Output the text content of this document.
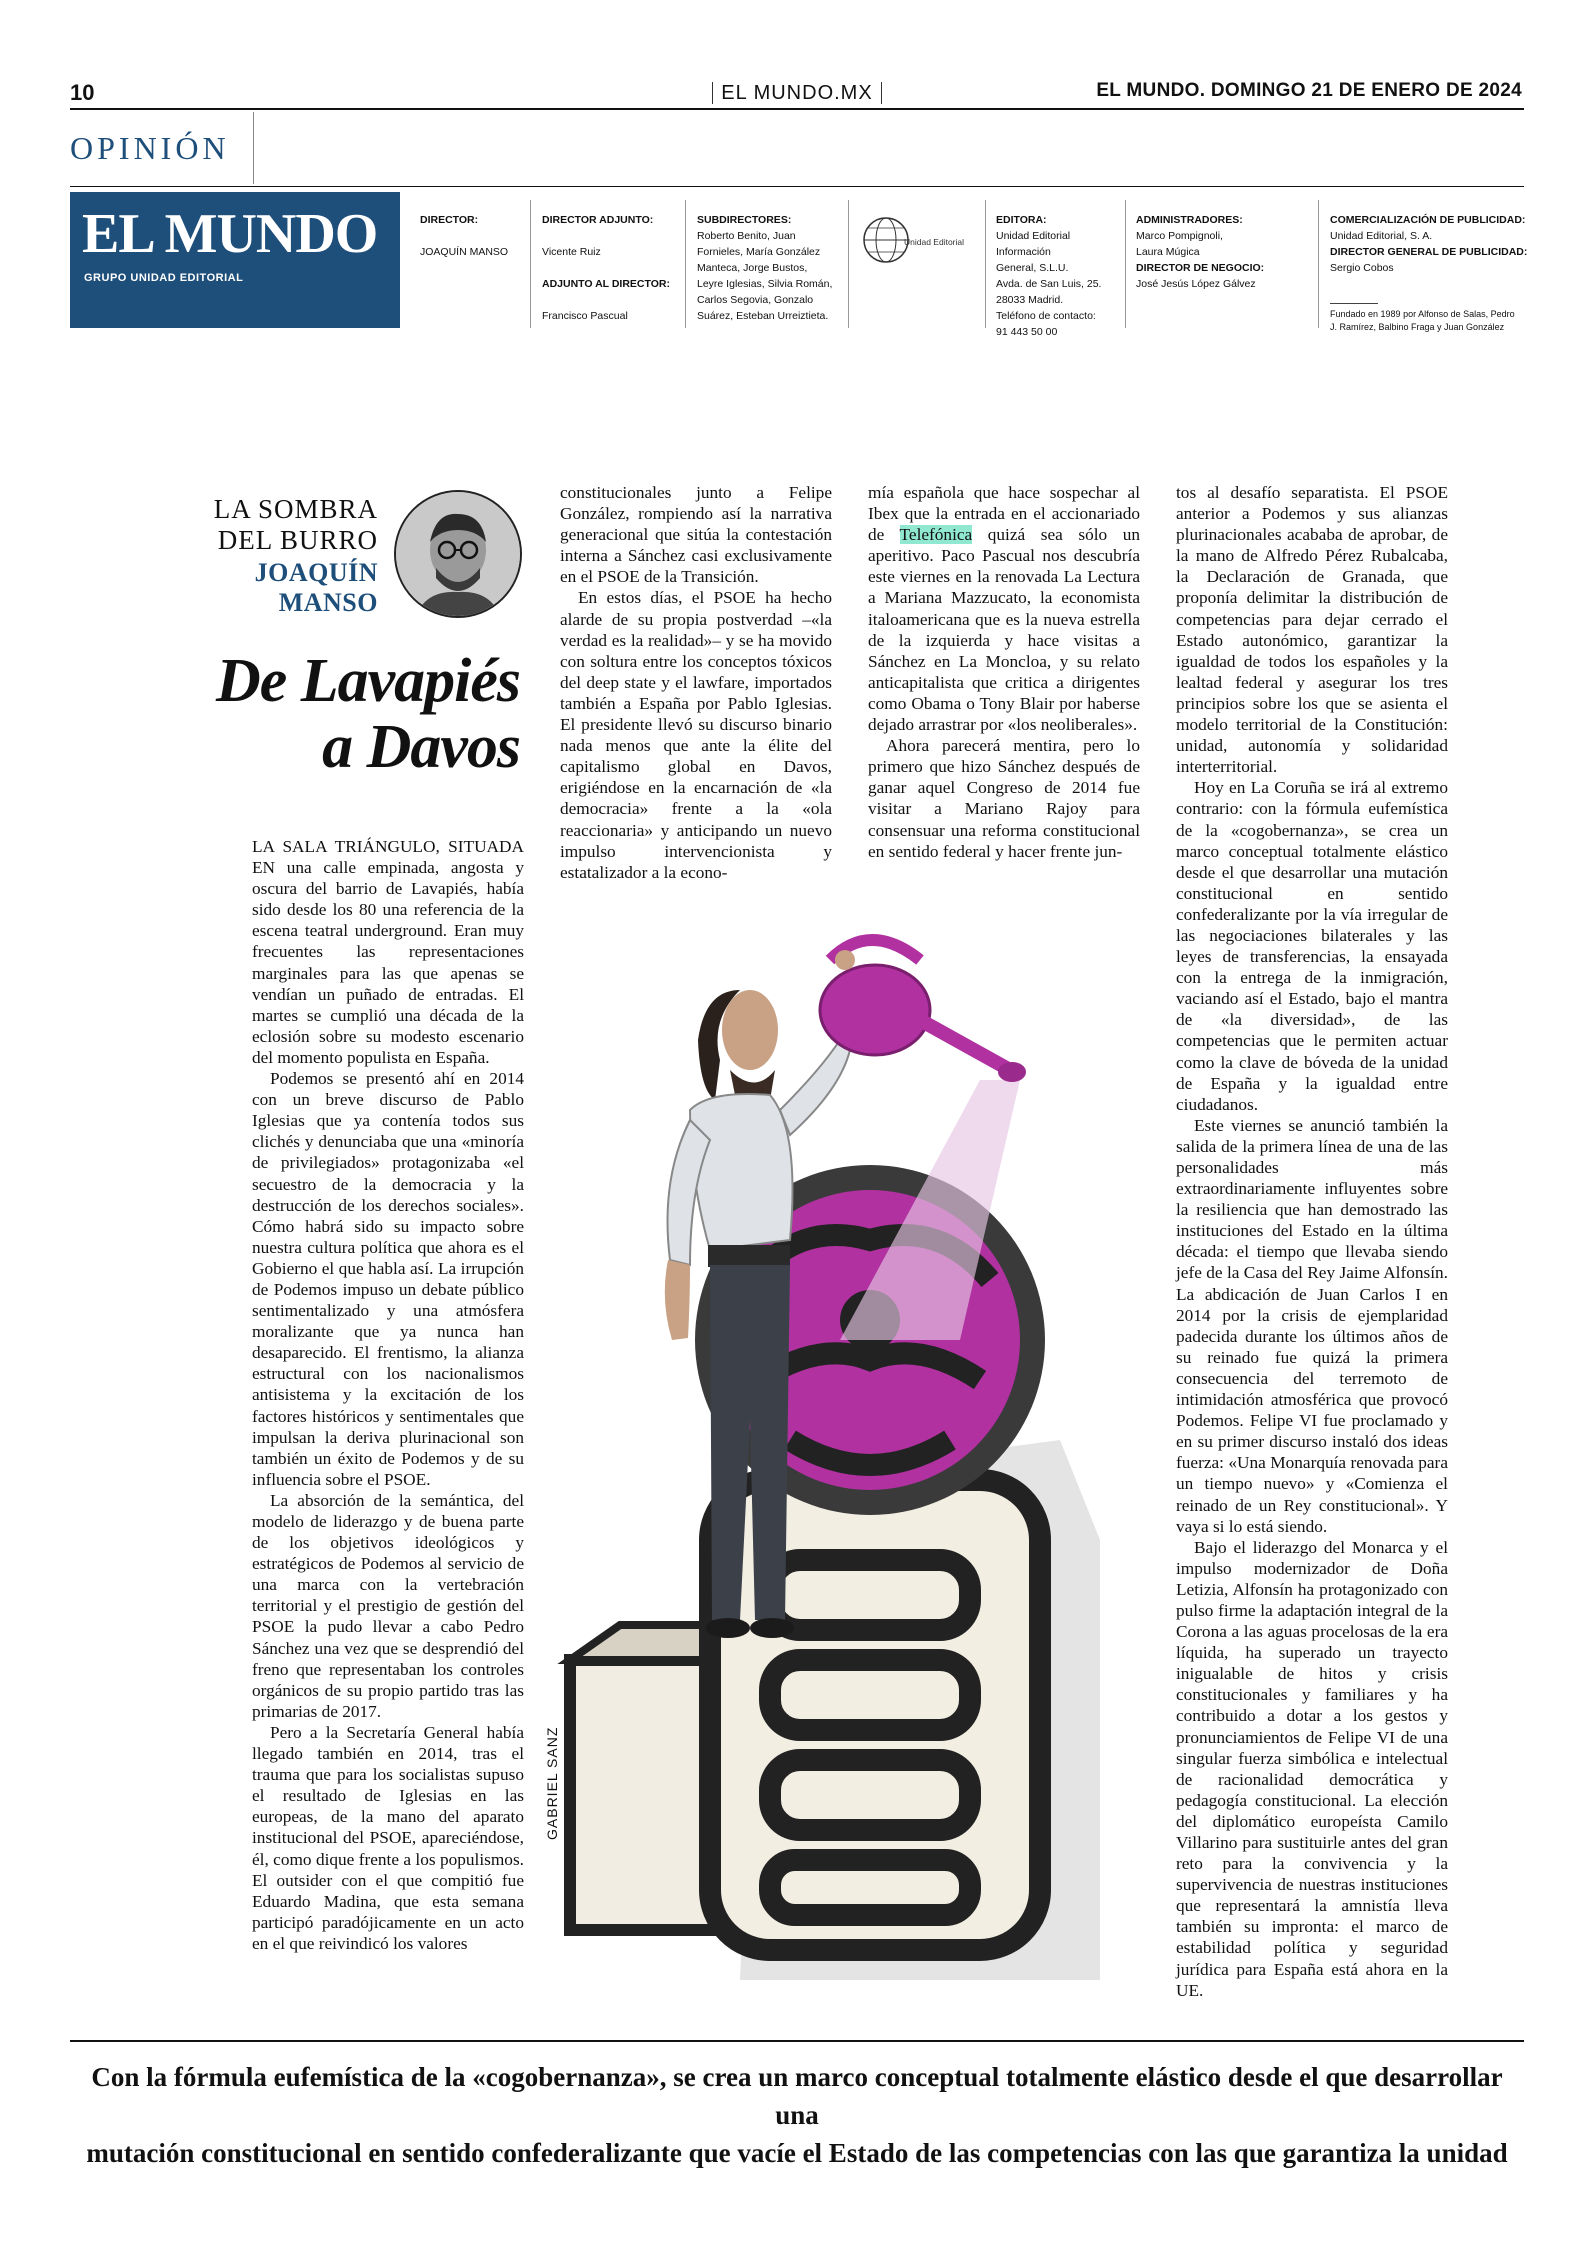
10	EL MUNDO.MX	EL MUNDO. DOMINGO 21 DE ENERO DE 2024
OPINIÓN
EL MUNDO
GRUPO UNIDAD EDITORIAL
DIRECTOR:

JOAQUÍN MANSO
DIRECTOR ADJUNTO:

Vicente Ruiz

ADJUNTO AL DIRECTOR:

Francisco Pascual
SUBDIRECTORES:
Roberto Benito, Juan
Fornieles, María González
Manteca, Jorge Bustos,
Leyre Iglesias, Silvia Román,
Carlos Segovia, Gonzalo
Suárez, Esteban Urreiztieta.
Unidad Editorial
EDITORA:
Unidad Editorial
Información
General, S.L.U.
Avda. de San Luis, 25.
28033 Madrid.
Teléfono de contacto:
91 443 50 00
ADMINISTRADORES:
Marco Pompignoli,
Laura Múgica
DIRECTOR DE NEGOCIO:
José Jesús López Gálvez
COMERCIALIZACIÓN DE PUBLICIDAD:
Unidad Editorial, S. A.
DIRECTOR GENERAL DE PUBLICIDAD:
Sergio Cobos
Fundado en 1989 por Alfonso de Salas, Pedro
J. Ramírez, Balbino Fraga y Juan González
LA SOMBRA
DEL BURRO
JOAQUÍN
MANSO
De Lavapiés
a Davos

LA SALA TRIÁNGULO, SITUADA EN una calle empinada, angosta y oscura del barrio de Lavapiés, había sido desde los 80 una referencia de la escena teatral underground. Eran muy frecuentes las representaciones marginales para las que apenas se vendían un puñado de entradas. El martes se cumplió una década de la eclosión sobre su modesto escenario del momento populista en España.

Podemos se presentó ahí en 2014 con un breve discurso de Pablo Iglesias que ya contenía todos sus clichés y denunciaba que una «minoría de privilegiados» protagonizaba «el secuestro de la democracia y la destrucción de los derechos sociales». Cómo habrá sido su impacto sobre nuestra cultura política que ahora es el Gobierno el que habla así. La irrupción de Podemos impuso un debate público sentimentalizado y una atmósfera moralizante que ya nunca han desaparecido. El frentismo, la alianza estructural con los nacionalismos antisistema y la excitación de los factores históricos y sentimentales que impulsan la deriva plurinacional son también un éxito de Podemos y de su influencia sobre el PSOE.

La absorción de la semántica, del modelo de liderazgo y de buena parte de los objetivos ideológicos y estratégicos de Podemos al servicio de una marca con la vertebración territorial y el prestigio de gestión del PSOE la pudo llevar a cabo Pedro Sánchez una vez que se desprendió del freno que representaban los controles orgánicos de su propio partido tras las primarias de 2017.

Pero a la Secretaría General había llegado también en 2014, tras el trauma que para los socialistas supuso el resultado de Iglesias en las europeas, de la mano del aparato institucional del PSOE, apareciéndose, él, como dique frente a los populismos. El outsider con el que compitió fue Eduardo Madina, que esta semana participó paradójicamente en un acto en el que reivindicó los valores

constitucionales junto a Felipe González, rompiendo así la narrativa generacional que sitúa la contestación interna a Sánchez casi exclusivamente en el PSOE de la Transición.

En estos días, el PSOE ha hecho alarde de su propia postverdad –«la verdad es la realidad»– y se ha movido con soltura entre los conceptos tóxicos del deep state y el lawfare, importados también a España por Pablo Iglesias. El presidente llevó su discurso binario nada menos que ante la élite del capitalismo global en Davos, erigiéndose en la encarnación de «la democracia» frente a la «ola reaccionaria» y anticipando un nuevo impulso intervencionista y estatalizador a la econo-

mía española que hace sospechar al Ibex que la entrada en el accionariado de Telefónica quizá sea sólo un aperitivo. Paco Pascual nos descubría este viernes en la renovada La Lectura a Mariana Mazzucato, la economista italoamericana que es la nueva estrella de la izquierda y hace visitas a Sánchez en La Moncloa, y su relato anticapitalista que critica a dirigentes como Obama o Tony Blair por haberse dejado arrastrar por «los neoliberales».

Ahora parecerá mentira, pero lo primero que hizo Sánchez después de ganar aquel Congreso de 2014 fue visitar a Mariano Rajoy para consensuar una reforma constitucional en sentido federal y hacer frente jun-

tos al desafío separatista. El PSOE anterior a Podemos y sus alianzas plurinacionales acababa de aprobar, de la mano de Alfredo Pérez Rubalcaba, la Declaración de Granada, que proponía delimitar la distribución de competencias para dejar cerrado el Estado autonómico, garantizar la igualdad de todos los españoles y la lealtad federal y asegurar los tres principios sobre los que se asienta el modelo territorial de la Constitución: unidad, autonomía y solidaridad interterritorial.

Hoy en La Coruña se irá al extremo contrario: con la fórmula eufemística de la «cogobernanza», se crea un marco conceptual totalmente elástico desde el que desarrollar una mutación constitucional en sentido confederalizante por la vía irregular de las negociaciones bilaterales y las leyes de transferencias, la ensayada con la entrega de la inmigración, vaciando así el Estado, bajo el mantra de «la diversidad», de las competencias que le permiten actuar como la clave de bóveda de la unidad de España y la igualdad entre ciudadanos.

Este viernes se anunció también la salida de la primera línea de una de las personalidades más extraordinariamente influyentes sobre la resiliencia que han demostrado las instituciones del Estado en la última década: el tiempo que llevaba siendo jefe de la Casa del Rey Jaime Alfonsín. La abdicación de Juan Carlos I en 2014 por la crisis de ejemplaridad padecida durante los últimos años de su reinado fue quizá la primera consecuencia del terremoto de intimidación atmosférica que provocó Podemos. Felipe VI fue proclamado y en su primer discurso instaló dos ideas fuerza: «Una Monarquía renovada para un tiempo nuevo» y «Comienza el reinado de un Rey constitucional». Y vaya si lo está siendo.

Bajo el liderazgo del Monarca y el impulso modernizador de Doña Letizia, Alfonsín ha protagonizado con pulso firme la adaptación integral de la Corona a las aguas procelosas de la era líquida, ha superado un trayecto inigualable de hitos y crisis constitucionales y familiares y ha contribuido a dotar a los gestos y pronunciamientos de Felipe VI de una singular fuerza simbólica e intelectual de racionalidad democrática y pedagogía constitucional. La elección del diplomático europeísta Camilo Villarino para sustituirle antes del gran reto para la convivencia y la supervivencia de nuestras instituciones que representará la amnistía lleva también su impronta: el marco de estabilidad política y seguridad jurídica para España está ahora en la UE.

GABRIEL SANZ
Con la fórmula eufemística de la «cogobernanza», se crea un marco conceptual totalmente elástico desde el que desarrollar una
mutación constitucional en sentido confederalizante que vacíe el Estado de las competencias con las que garantiza la unidad
